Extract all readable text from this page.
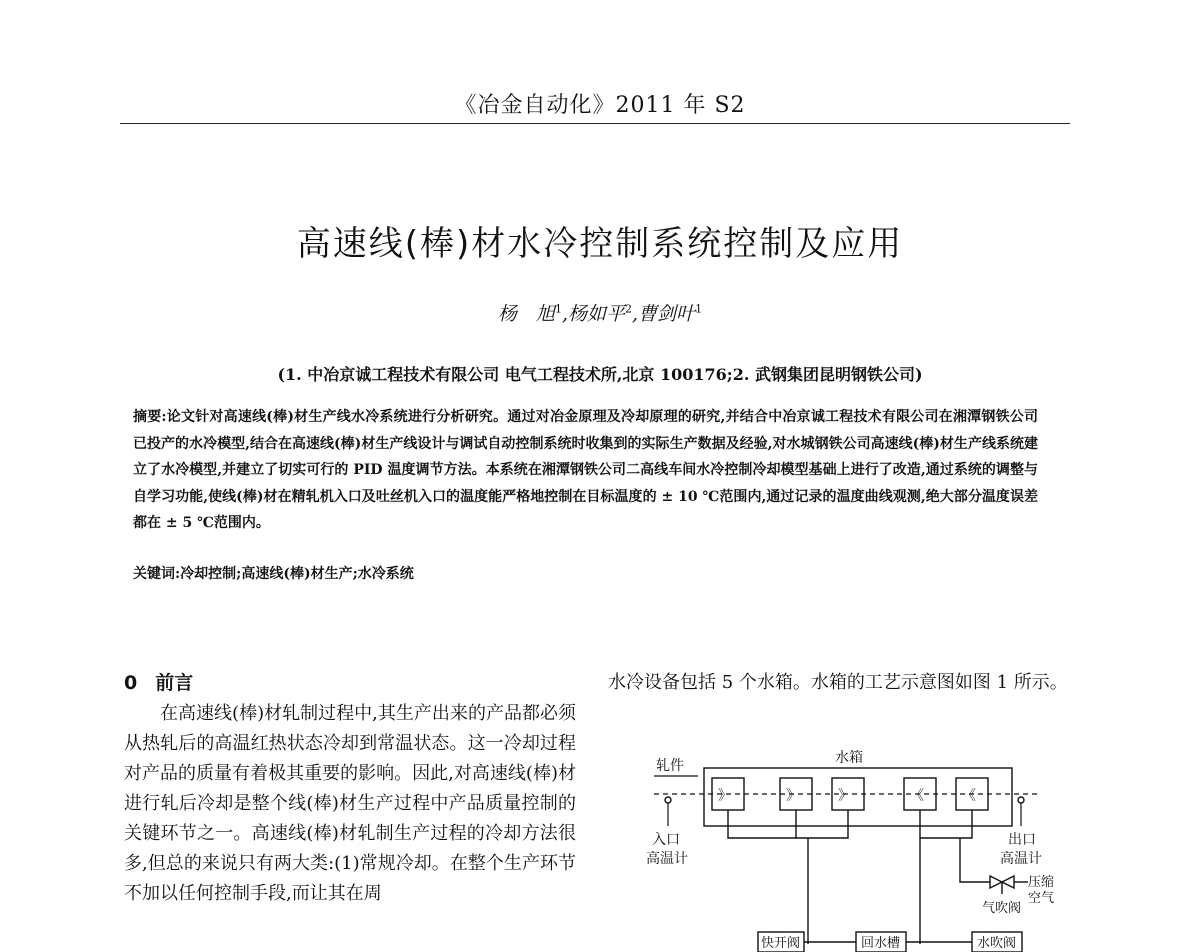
《冶金自动化》2011 年 S2
高速线(棒)材水冷控制系统控制及应用
杨　旭$^1$,杨如平$^2$,曹剑叶$^1$
(1. 中冶京诚工程技术有限公司 电气工程技术所,北京 100176;2. 武钢集团昆明钢铁公司)
摘要:论文针对高速线(棒)材生产线水冷系统进行分析研究。通过对冶金原理及冷却原理的研究,并结合中冶京诚工程技术有限公司在湘潭钢铁公司已投产的水冷模型,结合在高速线(棒)材生产线设计与调试自动控制系统时收集到的实际生产数据及经验,对水城钢铁公司高速线(棒)材生产线系统建立了水冷模型,并建立了切实可行的 PID 温度调节方法。本系统在湘潭钢铁公司二高线车间水冷控制冷却模型基础上进行了改造,通过系统的调整与自学习功能,使线(棒)材在精轧机入口及吐丝机入口的温度能严格地控制在目标温度的 ± 10 ℃范围内,通过记录的温度曲线观测,绝大部分温度误差都在 ± 5 ℃范围内。
关键词:冷却控制;高速线(棒)材生产;水冷系统
0 前言

在高速线(棒)材轧制过程中,其生产出来的产品都必须从热轧后的高温红热状态冷却到常温状态。这一冷却过程对产品的质量有着极其重要的影响。因此,对高速线(棒)材进行轧后冷却是整个线(棒)材生产过程中产品质量控制的关键环节之一。高速线(棒)材轧制生产过程的冷却方法很多,但总的来说只有两大类:(1)常规冷却。在整个生产环节不加以任何控制手段,而让其在周

水冷设备包括 5 个水箱。水箱的工艺示意图如图 1 所示。

水箱
轧件
》	》	》	《	《
入口
高温计
出口
高温计
压缩
空气
气吹阀
快开阀	回水槽	水吹阀
